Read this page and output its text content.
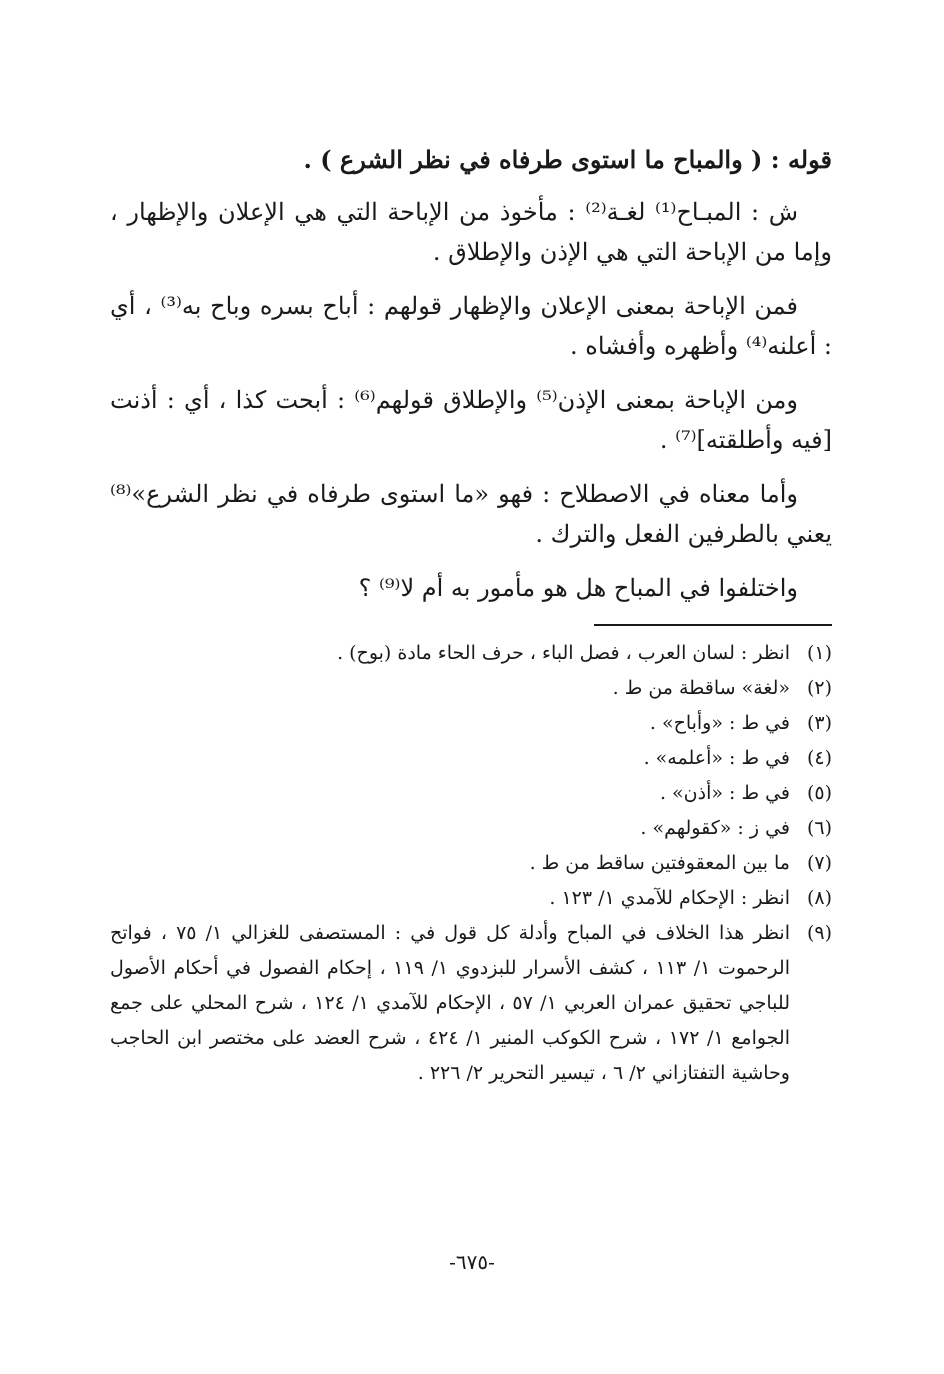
قوله : ( والمباح ما استوى طرفاه في نظر الشرع ) .
ش : المبـاح⁽¹⁾ لغـة⁽²⁾ : مأخوذ من الإباحة التي هي الإعلان والإظهار ، وإما من الإباحة التي هي الإذن والإطلاق .
فمن الإباحة بمعنى الإعلان والإظهار قولهم : أباح بسره وباح به⁽³⁾ ، أي : أعلنه⁽⁴⁾ وأظهره وأفشاه .
ومن الإباحة بمعنى الإذن⁽⁵⁾ والإطلاق قولهم⁽⁶⁾ : أبحت كذا ، أي : أذنت [فيه وأطلقته]⁽⁷⁾ .
وأما معناه في الاصطلاح : فهو «ما استوى طرفاه في نظر الشرع»⁽⁸⁾ يعني بالطرفين الفعل والترك .
واختلفوا في المباح هل هو مأمور به أم لا⁽⁹⁾ ؟
(١)
انظر : لسان العرب ، فصل الباء ، حرف الحاء مادة (بوح) .
(٢)
«لغة» ساقطة من ط .
(٣)
في ط : «وأباح» .
(٤)
في ط : «أعلمه» .
(٥)
في ط : «أذن» .
(٦)
في ز : «كقولهم» .
(٧)
ما بين المعقوفتين ساقط من ط .
(٨)
انظر : الإحكام للآمدي ١/ ١٢٣ .
(٩)
انظر هذا الخلاف في المباح وأدلة كل قول في : المستصفى للغزالي ١/ ٧٥ ، فواتح الرحموت ١/ ١١٣ ، كشف الأسرار للبزدوي ١/ ١١٩ ، إحكام الفصول في أحكام الأصول للباجي تحقيق عمران العربي ١/ ٥٧ ، الإحكام للآمدي ١/ ١٢٤ ، شرح المحلي على جمع الجوامع ١/ ١٧٢ ، شرح الكوكب المنير ١/ ٤٢٤ ، شرح العضد على مختصر ابن الحاجب وحاشية التفتازاني ٢/ ٦ ، تيسير التحرير ٢/ ٢٢٦ .
-٦٧٥-
